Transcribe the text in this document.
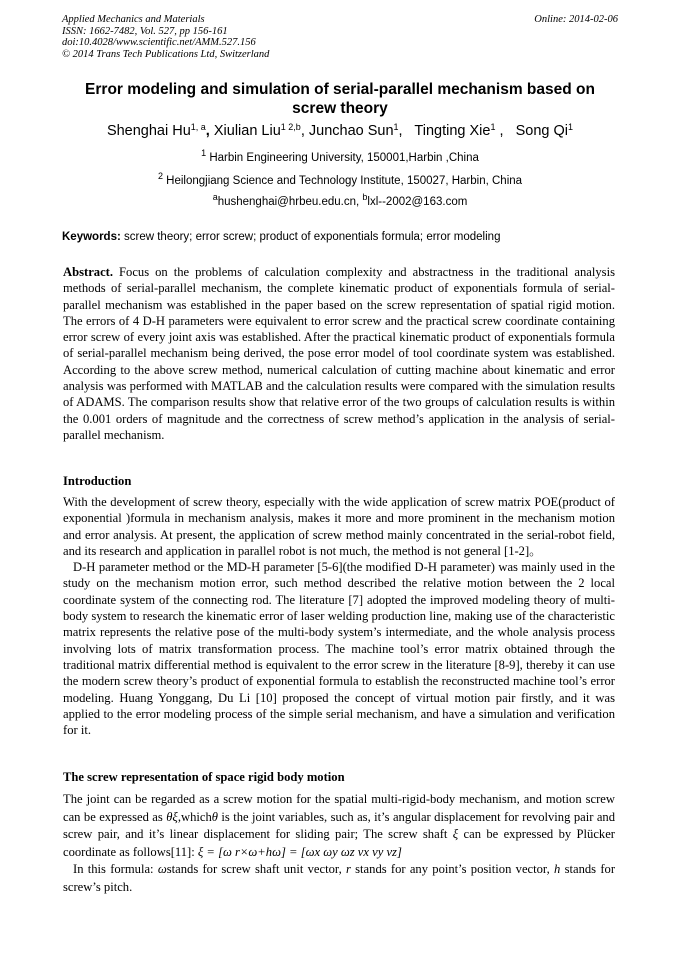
Applied Mechanics and Materials
ISSN: 1662-7482, Vol. 527, pp 156-161
doi:10.4028/www.scientific.net/AMM.527.156
© 2014 Trans Tech Publications Ltd, Switzerland
Online: 2014-02-06
Error modeling and simulation of serial-parallel mechanism based on screw theory
Shenghai Hu$^{1, a}$, Xiulian Liu$^{1 2,b}$, Junchao Sun$^1$,   Tingting Xie$^1$ ,   Song Qi$^1$
$^1$ Harbin Engineering University, 150001,Harbin ,China
$^2$ Heilongjiang Science and Technology Institute, 150027, Harbin, China
$^a$hushenghai@hrbeu.edu.cn, $^b$lxl--2002@163.com
Keywords: screw theory; error screw; product of exponentials formula; error modeling

Abstract. Focus on the problems of calculation complexity and abstractness in the traditional analysis methods of serial-parallel mechanism, the complete kinematic product of exponentials formula of serial-parallel mechanism was established in the paper based on the screw representation of spatial rigid motion. The errors of 4 D-H parameters were equivalent to error screw and the practical screw coordinate containing error screw of every joint axis was established. After the practical kinematic product of exponentials formula of serial-parallel mechanism being derived, the pose error model of tool coordinate system was established. According to the above screw method, numerical calculation of cutting machine about kinematic and error analysis was performed with MATLAB and the calculation results were compared with the simulation results of ADAMS. The comparison results show that relative error of the two groups of calculation results is within the 0.001 orders of magnitude and the correctness of screw method’s application in the analysis of serial-parallel mechanism.

Introduction

With the development of screw theory, especially with the wide application of screw matrix POE(product of exponential )formula in mechanism analysis, makes it more and more prominent in the mechanism motion and error analysis. At present, the application of screw method mainly concentrated in the serial-robot field, and its research and application in parallel robot is not much, the method is not general [1-2]。

D-H parameter method or the MD-H parameter [5-6](the modified D-H parameter) was mainly used in the study on the mechanism motion error, such method described the relative motion between the 2 local coordinate system of the connecting rod. The literature [7] adopted the improved modeling theory of multi-body system to research the kinematic error of laser welding production line, making use of the characteristic matrix represents the relative pose of the multi-body system’s intermediate, and the whole analysis process involving lots of matrix transformation process. The machine tool’s error matrix obtained through the traditional matrix differential method is equivalent to the error screw in the literature [8-9], thereby it can use the modern screw theory’s product of exponential formula to establish the reconstructed machine tool’s error modeling. Huang Yonggang, Du Li [10] proposed the concept of virtual motion pair firstly, and it was applied to the error modeling process of the simple serial mechanism, and have a simulation and verification for it.

The screw representation of space rigid body motion

The joint can be regarded as a screw motion for the spatial multi-rigid-body mechanism, and motion screw can be expressed as θξ,whichθ is the joint variables, such as, it’s angular displacement for revolving pair and screw pair, and it’s linear displacement for sliding pair; The screw shaft ξ can be expressed by Plücker coordinate as follows[11]: ξ = [ω r×ω+hω] = [ωx ωy ωz vx vy vz]

In this formula: ωstands for screw shaft unit vector, r stands for any point’s position vector, h stands for screw’s pitch.
